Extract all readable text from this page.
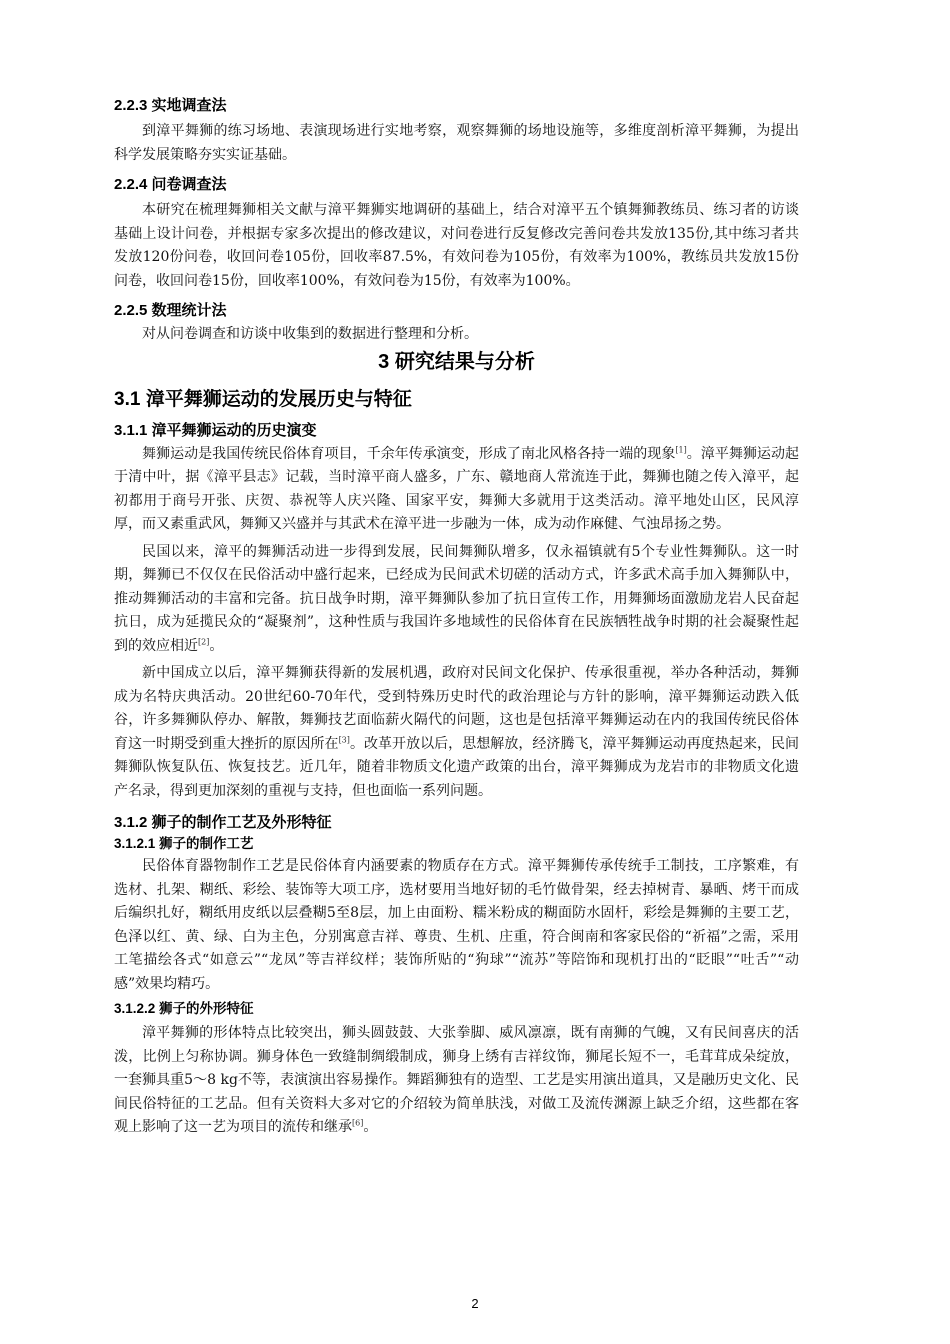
2.2.3 实地调查法

到漳平舞狮的练习场地、表演现场进行实地考察，观察舞狮的场地设施等，多维度剖析漳平舞狮，为提出科学发展策略夯实实证基础。

2.2.4 问卷调查法

本研究在梳理舞狮相关文献与漳平舞狮实地调研的基础上，结合对漳平五个镇舞狮教练员、练习者的访谈基础上设计问卷，并根据专家多次提出的修改建议，对问卷进行反复修改完善问卷共发放135份,其中练习者共发放120份问卷，收回问卷105份，回收率87.5%，有效问卷为105份，有效率为100%，教练员共发放15份问卷，收回问卷15份，回收率100%，有效问卷为15份，有效率为100%。

2.2.5 数理统计法

对从问卷调查和访谈中收集到的数据进行整理和分析。

3 研究结果与分析
3.1 漳平舞狮运动的发展历史与特征
3.1.1 漳平舞狮运动的历史演变

舞狮运动是我国传统民俗体育项目，千余年传承演变，形成了南北风格各持一端的现象[1]。漳平舞狮运动起于清中叶，据《漳平县志》记载，当时漳平商人盛多，广东、赣地商人常流连于此，舞狮也随之传入漳平，起初都用于商号开张、庆贺、恭祝等人庆兴隆、国家平安，舞狮大多就用于这类活动。漳平地处山区，民风淳厚，而又素重武风，舞狮又兴盛并与其武术在漳平进一步融为一体，成为动作麻健、气浊昂扬之势。

民国以来，漳平的舞狮活动进一步得到发展，民间舞狮队增多，仅永福镇就有5个专业性舞狮队。这一时期，舞狮已不仅仅在民俗活动中盛行起来，已经成为民间武术切磋的活动方式，许多武术高手加入舞狮队中，推动舞狮活动的丰富和完备。抗日战争时期，漳平舞狮队参加了抗日宣传工作，用舞狮场面激励龙岩人民奋起抗日，成为延揽民众的“凝聚剂”，这种性质与我国许多地域性的民俗体育在民族牺牲战争时期的社会凝聚性起到的效应相近[2]。

新中国成立以后，漳平舞狮获得新的发展机遇，政府对民间文化保护、传承很重视，举办各种活动，舞狮成为名特庆典活动。20世纪60-70年代，受到特殊历史时代的政治理论与方针的影响，漳平舞狮运动跌入低谷，许多舞狮队停办、解散，舞狮技艺面临薪火隔代的问题，这也是包括漳平舞狮运动在内的我国传统民俗体育这一时期受到重大挫折的原因所在[3]。改革开放以后，思想解放，经济腾飞，漳平舞狮运动再度热起来，民间舞狮队恢复队伍、恢复技艺。近几年，随着非物质文化遗产政策的出台，漳平舞狮成为龙岩市的非物质文化遗产名录，得到更加深刻的重视与支持，但也面临一系列问题。

3.1.2 狮子的制作工艺及外形特征
3.1.2.1 狮子的制作工艺

民俗体育器物制作工艺是民俗体育内涵要素的物质存在方式。漳平舞狮传承传统手工制技，工序繁难，有选材、扎架、糊纸、彩绘、装饰等大项工序，选材要用当地好韧的毛竹做骨架，经去掉树青、暴晒、烤干而成后编织扎好，糊纸用皮纸以层叠糊5至8层，加上由面粉、糯米粉成的糊面防水固杆，彩绘是舞狮的主要工艺，色泽以红、黄、绿、白为主色，分别寓意吉祥、尊贵、生机、庄重，符合闽南和客家民俗的“祈福”之需，采用工笔描绘各式“如意云”“龙凤”等吉祥纹样；装饰所贴的“狗球”“流苏”等陪饰和现机打出的“眨眼”“吐舌”“动感”效果均精巧。

3.1.2.2 狮子的外形特征

漳平舞狮的形体特点比较突出，狮头圆鼓鼓、大张拳脚、威风凛凛，既有南狮的气魄，又有民间喜庆的活泼，比例上匀称协调。狮身体色一致缝制绸缎制成，狮身上绣有吉祥纹饰，狮尾长短不一，毛茸茸成朵绽放，一套狮具重5～8 kg不等，表演演出容易操作。舞蹈狮独有的造型、工艺是实用演出道具，又是融历史文化、民间民俗特征的工艺品。但有关资料大多对它的介绍较为简单肤浅，对做工及流传渊源上缺乏介绍，这些都在客观上影响了这一艺为项目的流传和继承[6]。

2
